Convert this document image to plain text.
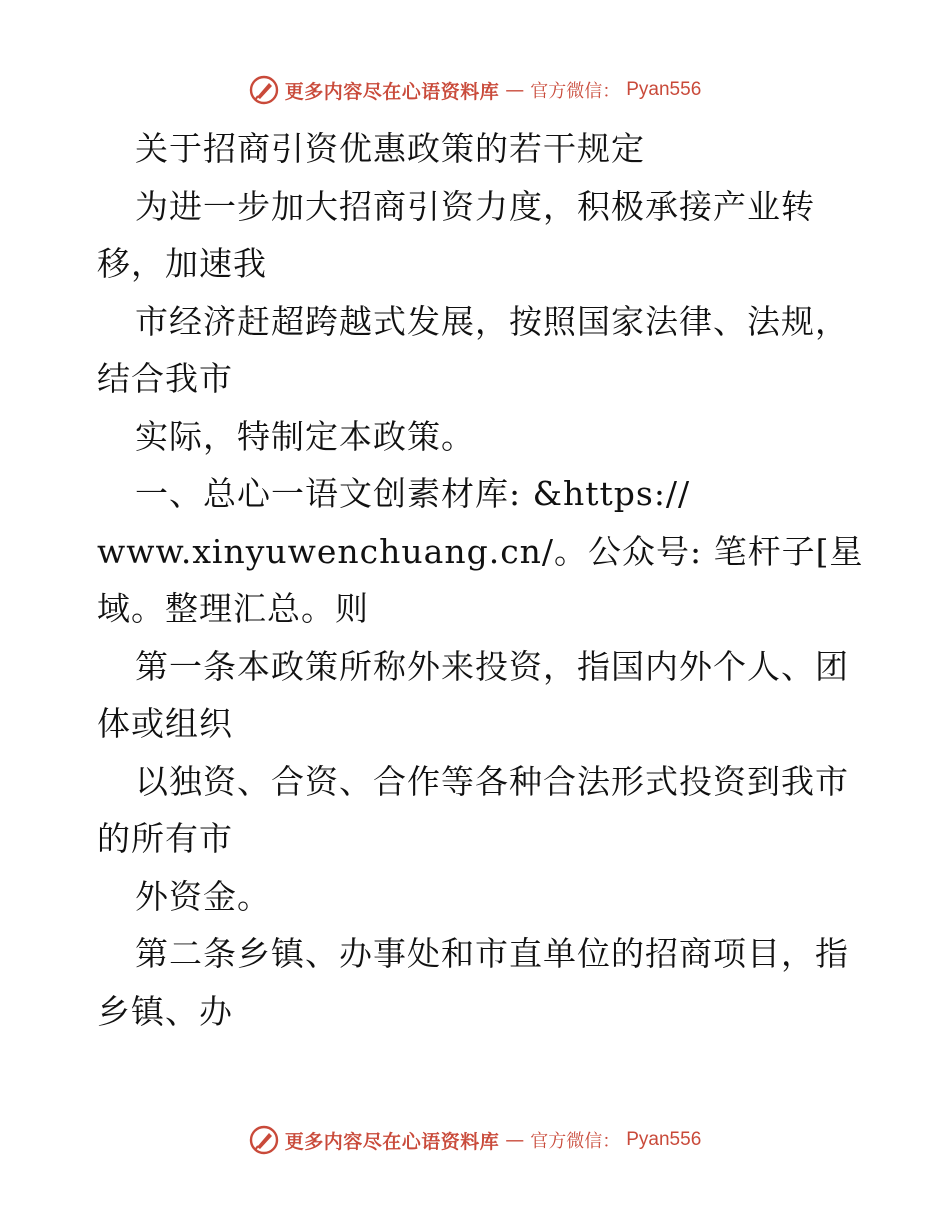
更多内容尽在心语资料库 — 官方微信： Pyan556
关于招商引资优惠政策的若干规定
为进一步加大招商引资力度，积极承接产业转
移，加速我
市经济赶超跨越式发展，按照国家法律、法规，
结合我市
实际，特制定本政策。
一、总心一语文创素材库: &https://
www.xinyuwenchuang.cn/。公众号: 笔杆子[星
域。整理汇总。则
第一条本政策所称外来投资，指国内外个人、团
体或组织
以独资、合资、合作等各种合法形式投资到我市
的所有市
外资金。
第二条乡镇、办事处和市直单位的招商项目，指
乡镇、办
更多内容尽在心语资料库 — 官方微信： Pyan556
